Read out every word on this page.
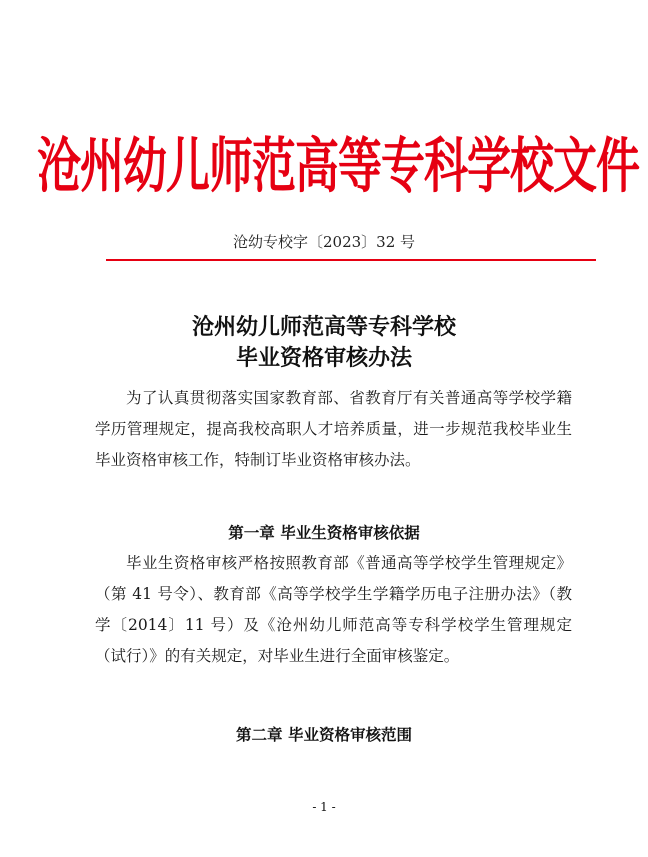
沧州幼儿师范高等专科学校文件
沧幼专校字〔2023〕32 号
沧州幼儿师范高等专科学校
毕业资格审核办法
为了认真贯彻落实国家教育部、省教育厅有关普通高等学校学籍学历管理规定，提高我校高职人才培养质量，进一步规范我校毕业生毕业资格审核工作，特制订毕业资格审核办法。
第一章 毕业生资格审核依据
毕业生资格审核严格按照教育部《普通高等学校学生管理规定》（第 41 号令）、教育部《高等学校学生学籍学历电子注册办法》（教学〔2014〕11 号）及《沧州幼儿师范高等专科学校学生管理规定（试行）》的有关规定，对毕业生进行全面审核鉴定。
第二章 毕业资格审核范围
- 1 -
